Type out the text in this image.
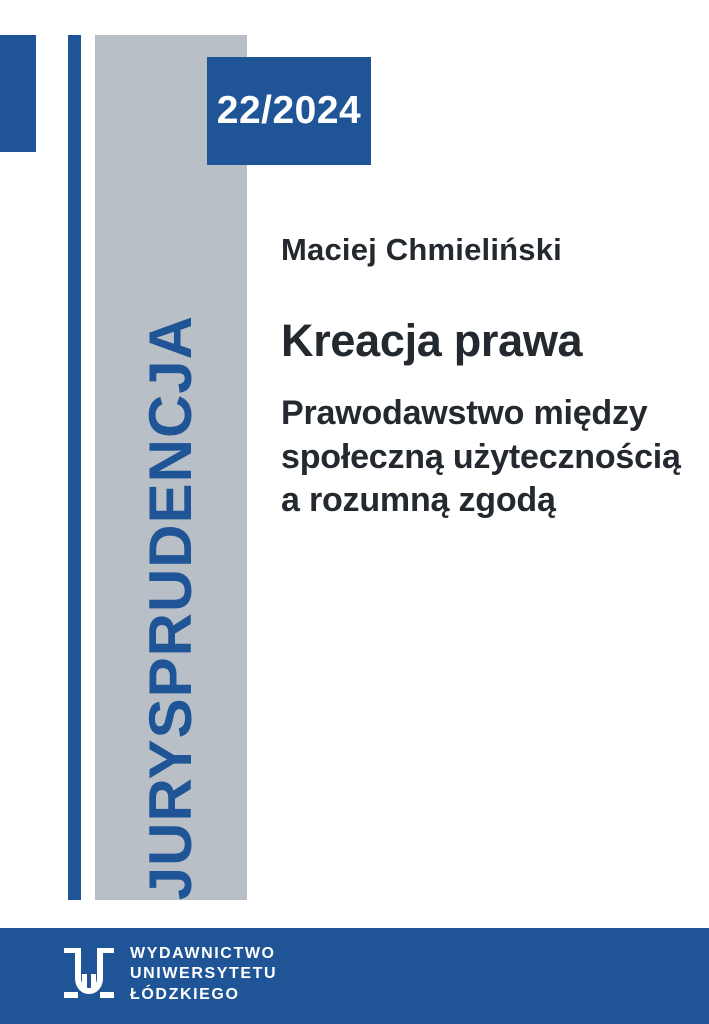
JURYSPRUDENCJA
22/2024
Maciej Chmieliński
Kreacja prawa
Prawodawstwo między społeczną użytecznością a rozumną zgodą
WYDAWNICTWO
UNIWERSYTETU
ŁÓDZKIEGO
